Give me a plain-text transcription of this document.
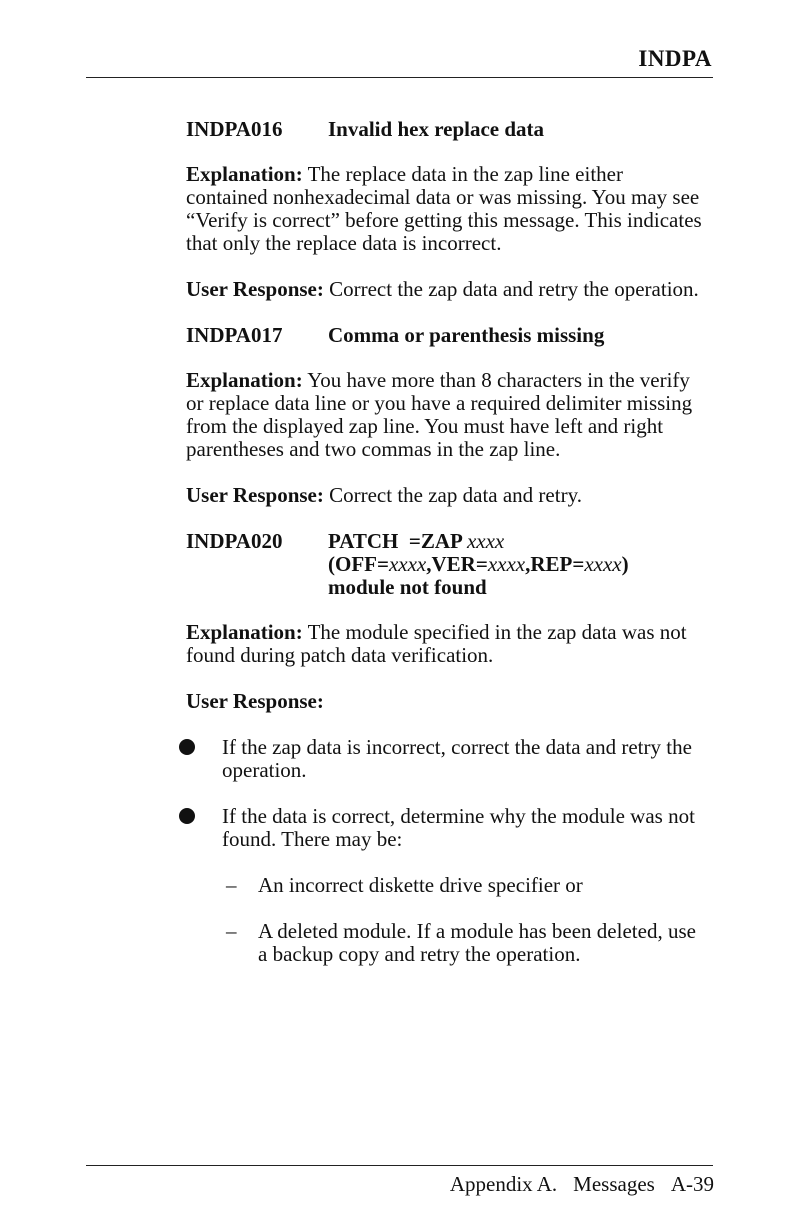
INDPA
INDPA016	Invalid hex replace data

Explanation: The replace data in the zap line either contained nonhexadecimal data or was missing. You may see “Verify is correct” before getting this message. This indicates that only the replace data is incorrect.

User Response: Correct the zap data and retry the operation.

INDPA017	Comma or parenthesis missing

Explanation: You have more than 8 characters in the verify or replace data line or you have a required delimiter missing from the displayed zap line. You must have left and right parentheses and two commas in the zap line.

User Response: Correct the zap data and retry.

INDPA020	PATCH  =ZAP xxxx
(OFF=xxxx,VER=xxxx,REP=xxxx)
module not found

Explanation: The module specified in the zap data was not found during patch data verification.

User Response:

If the zap data is incorrect, correct the data and retry the operation.
If the data is correct, determine why the module was not found. There may be:
– An incorrect diskette drive specifier or
– A deleted module. If a module has been deleted, use a backup copy and retry the operation.
Appendix A. Messages A-39
